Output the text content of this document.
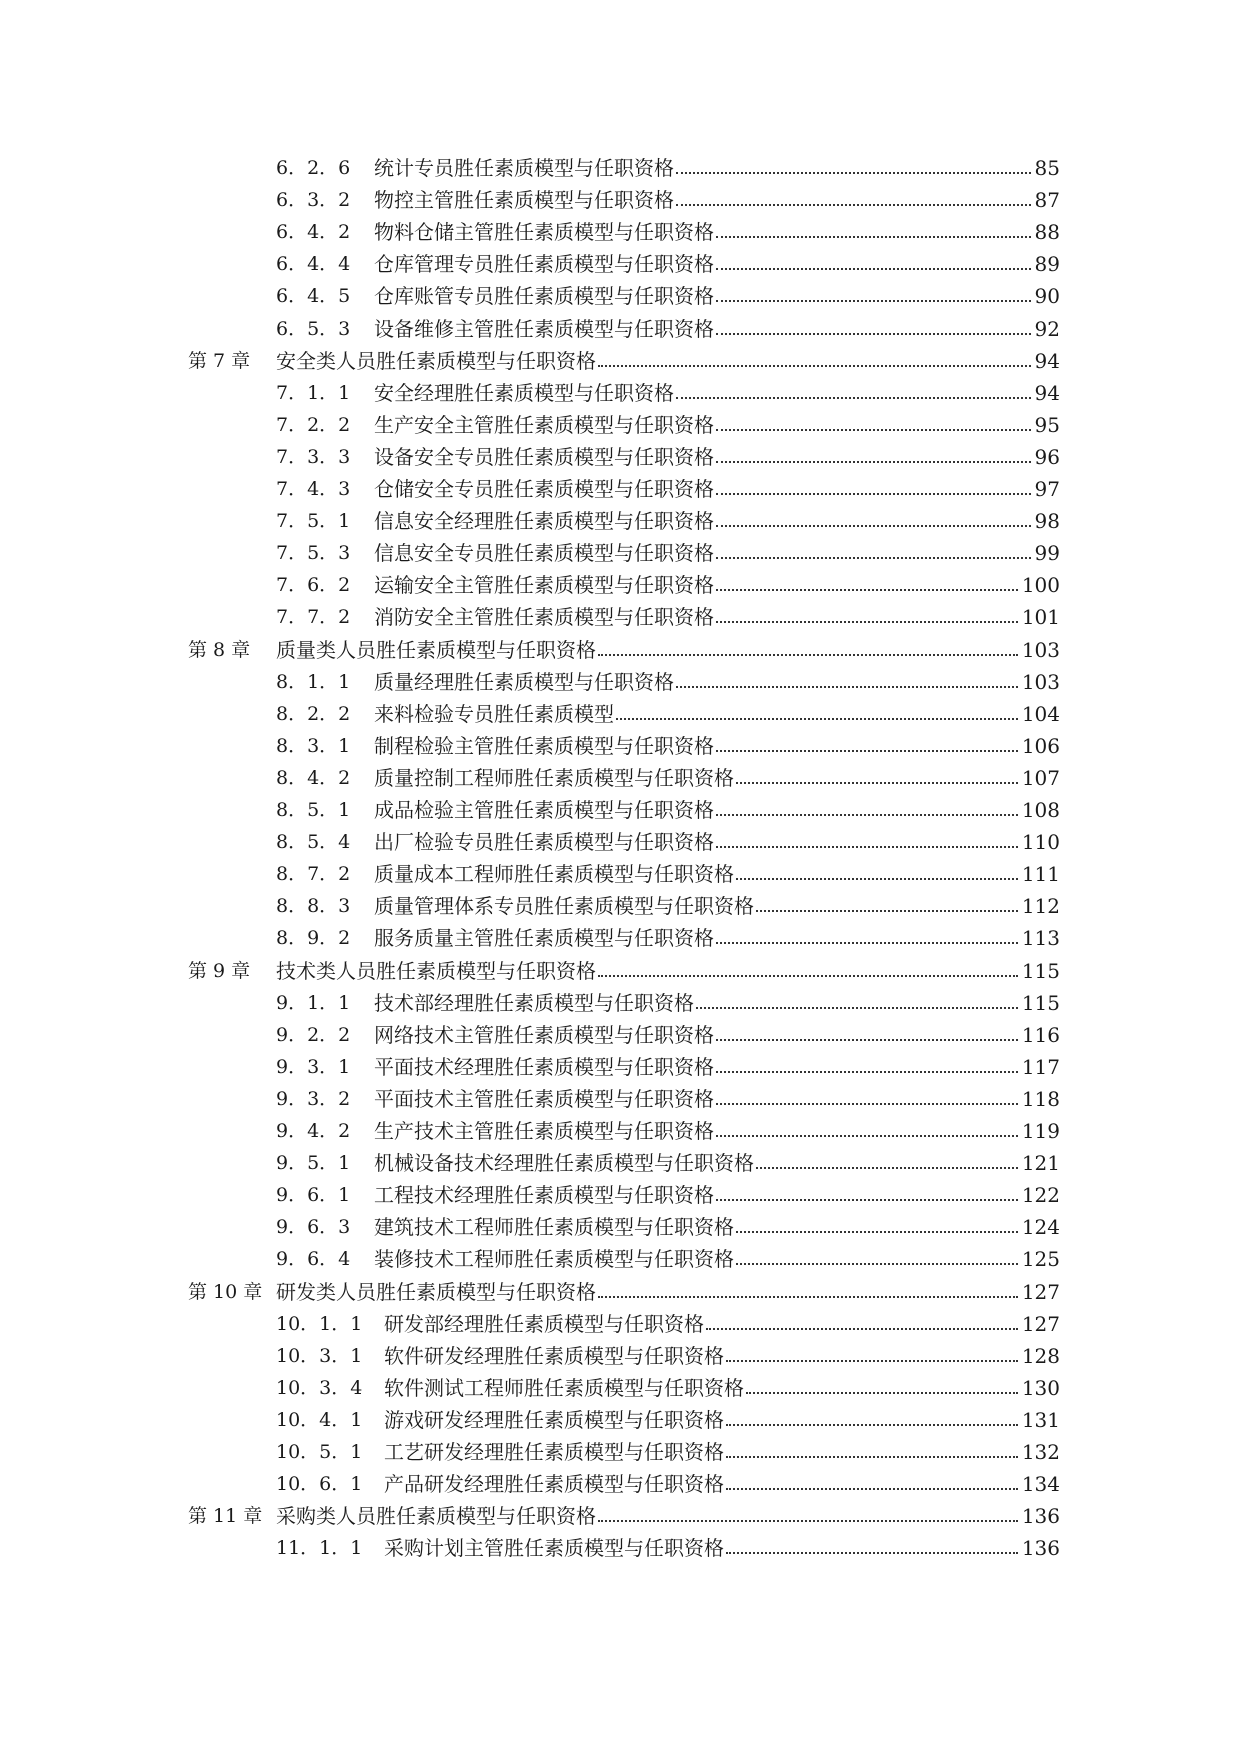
6．2．6 统计专员胜任素质模型与任职资格	85
6．3．2 物控主管胜任素质模型与任职资格	87
6．4．2 物料仓储主管胜任素质模型与任职资格	88
6．4．4 仓库管理专员胜任素质模型与任职资格	89
6．4．5 仓库账管专员胜任素质模型与任职资格	90
6．5．3 设备维修主管胜任素质模型与任职资格	92
第 7 章 安全类人员胜任素质模型与任职资格	94
7．1．1 安全经理胜任素质模型与任职资格	94
7．2．2 生产安全主管胜任素质模型与任职资格	95
7．3．3 设备安全专员胜任素质模型与任职资格	96
7．4．3 仓储安全专员胜任素质模型与任职资格	97
7．5．1 信息安全经理胜任素质模型与任职资格	98
7．5．3 信息安全专员胜任素质模型与任职资格	99
7．6．2 运输安全主管胜任素质模型与任职资格	100
7．7．2 消防安全主管胜任素质模型与任职资格	101
第 8 章 质量类人员胜任素质模型与任职资格	103
8．1．1 质量经理胜任素质模型与任职资格	103
8．2．2 来料检验专员胜任素质模型	104
8．3．1 制程检验主管胜任素质模型与任职资格	106
8．4．2 质量控制工程师胜任素质模型与任职资格	107
8．5．1 成品检验主管胜任素质模型与任职资格	108
8．5．4 出厂检验专员胜任素质模型与任职资格	110
8．7．2 质量成本工程师胜任素质模型与任职资格	111
8．8．3 质量管理体系专员胜任素质模型与任职资格	112
8．9．2 服务质量主管胜任素质模型与任职资格	113
第 9 章 技术类人员胜任素质模型与任职资格	115
9．1．1 技术部经理胜任素质模型与任职资格	115
9．2．2 网络技术主管胜任素质模型与任职资格	116
9．3．1 平面技术经理胜任素质模型与任职资格	117
9．3．2 平面技术主管胜任素质模型与任职资格	118
9．4．2 生产技术主管胜任素质模型与任职资格	119
9．5．1 机械设备技术经理胜任素质模型与任职资格	121
9．6．1 工程技术经理胜任素质模型与任职资格	122
9．6．3 建筑技术工程师胜任素质模型与任职资格	124
9．6．4 装修技术工程师胜任素质模型与任职资格	125
第 10 章 研发类人员胜任素质模型与任职资格	127
10．1．1 研发部经理胜任素质模型与任职资格	127
10．3．1 软件研发经理胜任素质模型与任职资格	128
10．3．4 软件测试工程师胜任素质模型与任职资格	130
10．4．1 游戏研发经理胜任素质模型与任职资格	131
10．5．1 工艺研发经理胜任素质模型与任职资格	132
10．6．1 产品研发经理胜任素质模型与任职资格	134
第 11 章 采购类人员胜任素质模型与任职资格	136
11．1．1 采购计划主管胜任素质模型与任职资格	136
